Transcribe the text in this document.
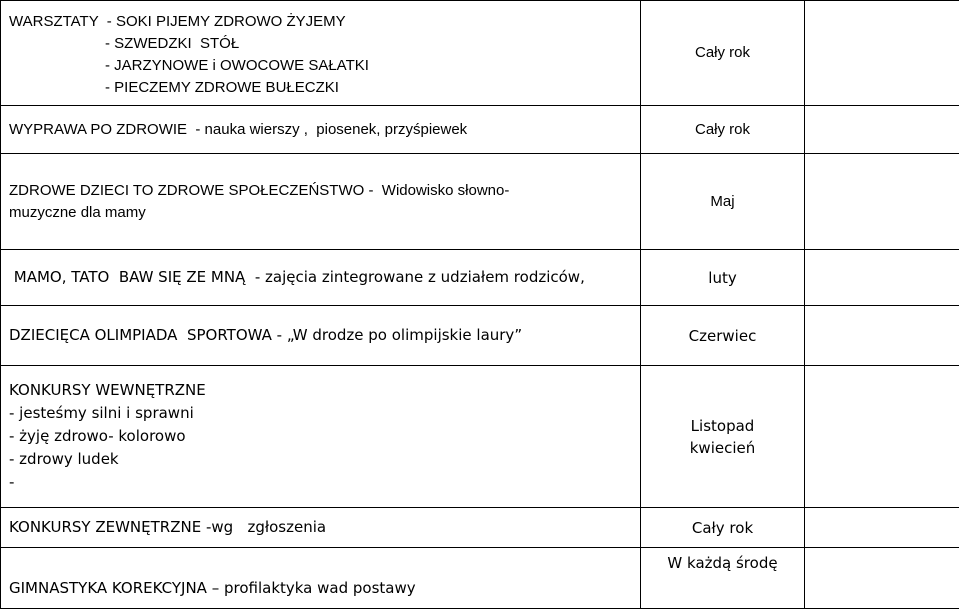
WARSZTATY  - SOKI PIJEMY ZDROWO ŻYJEMY
- SZWEDZKI  STÓŁ
- JARZYNOWE i OWOCOWE SAŁATKI
- PIECZEMY ZDROWE BUŁECZKI	Cały rok	

WYPRAWA PO ZDROWIE  - nauka wierszy ,  piosenek, przyśpiewek	Cały rok	

ZDROWE DZIECI TO ZDROWE SPOŁECZEŃSTWO -  Widowisko słowno-
muzyczne dla mamy	Maj	

MAMO, TATO  BAW SIĘ ZE MNĄ  - zajęcia zintegrowane z udziałem rodziców,	luty	

DZIECIĘCA OLIMPIADA  SPORTOWA - „W drodze po olimpijskie laury”	Czerwiec	

KONKURSY WEWNĘTRZNE
- jesteśmy silni i sprawni
- żyję zdrowo- kolorowo
- zdrowy ludek
-	Listopad
kwiecień	

KONKURSY ZEWNĘTRZNE -wg   zgłoszenia	Cały rok	

GIMNASTYKA KOREKCYJNA – profilaktyka wad postawy	W każdą środę	
